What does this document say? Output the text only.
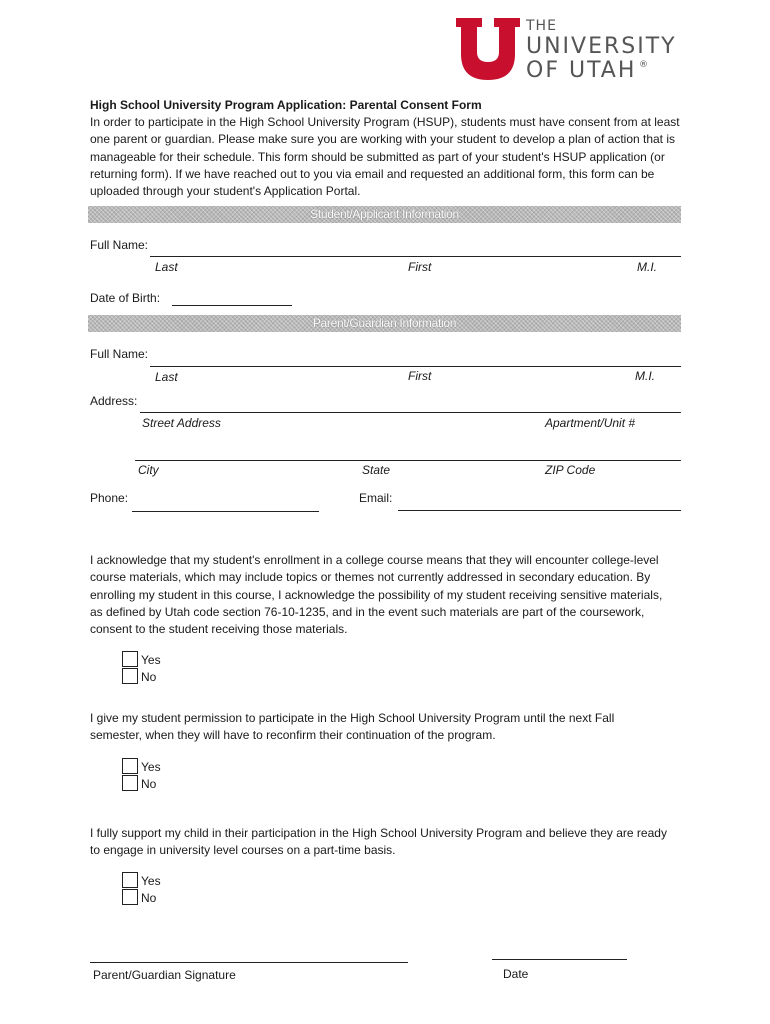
THE
UNIVERSITY
OF UTAH ®
High School University Program Application: Parental Consent Form
In order to participate in the High School University Program (HSUP), students must have consent from at least one parent or guardian. Please make sure you are working with your student to develop a plan of action that is manageable for their schedule. This form should be submitted as part of your student's HSUP application (or returning form). If we have reached out to you via email and requested an additional form, this form can be uploaded through your student's Application Portal.
Student/Applicant Information
Full Name:
Last	First	M.I.
Date of Birth:
Parent/Guardian Information
Full Name:
Last	First	M.I.
Address:
Street Address	Apartment/Unit #
City	State	ZIP Code
Phone:	Email:
I acknowledge that my student's enrollment in a college course means that they will encounter college-level course materials, which may include topics or themes not currently addressed in secondary education. By enrolling my student in this course, I acknowledge the possibility of my student receiving sensitive materials, as defined by Utah code section 76-10-1235, and in the event such materials are part of the coursework, consent to the student receiving those materials.
Yes
No
I give my student permission to participate in the High School University Program until the next Fall semester, when they will have to reconfirm their continuation of the program.
Yes
No
I fully support my child in their participation in the High School University Program and believe they are ready to engage in university level courses on a part-time basis.
Yes
No
Parent/Guardian Signature	Date
